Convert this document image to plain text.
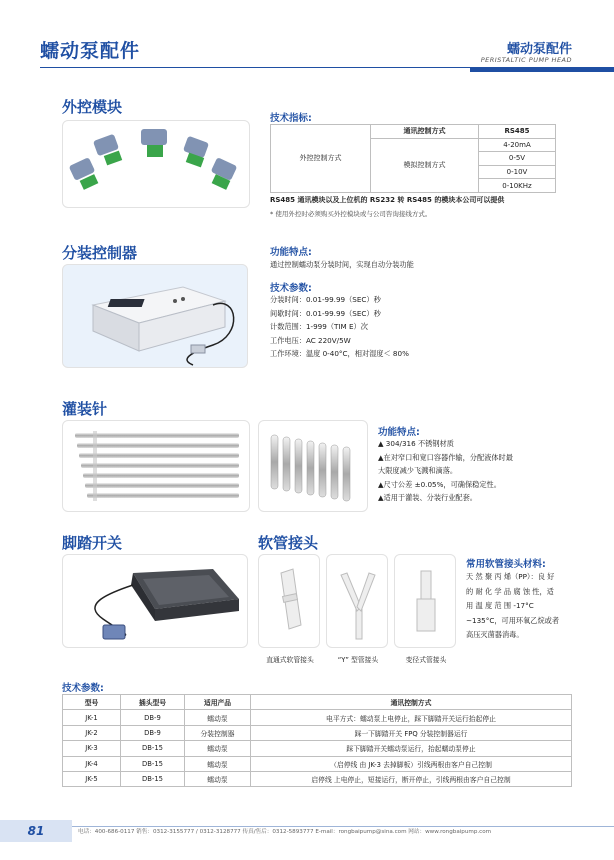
蠕动泵配件	蠕动泵配件
PERISTALTIC PUMP HEAD
外控模块
技术指标:
外控控制方式	通讯控制方式	RS485
	模拟控制方式	4-20mA
		0-5V
		0-10V
		0-10KHz
RS485 通讯模块以及上位机的 RS232 转 RS485 的模块本公司可以提供
* 使用外控时必须购买外控模块或与公司咨询接线方式。
分装控制器	功能特点:
通过控制蠕动泵分装时间，实现自动分装功能
技术参数:
分装时间：0.01-99.99（SEC）秒
间歇时间：0.01-99.99（SEC）秒
计数范围：1-999（TIM E）次
工作电压：AC 220V/5W
工作环境：温度 0-40°C，相对湿度＜ 80%
灌装针
功能特点:
▲ 304/316 不锈钢材质
▲在对窄口和宽口容器作输，分配液体时最
大限度减少飞溅和滴落。
▲尺寸公差 ±0.05%，可确保稳定性。
▲适用于灌装、分装行业配套。
脚踏开关	软管接头
直通式软管接头	“Y” 型管接头	变径式管接头
常用软管接头材料:
天 然 聚 丙 烯（PP）：良 好
的 耐 化 学 品 腐 蚀 性，适
用 温 度 范 围 -17°C
~135°C，可用环氧乙烷或者
高压灭菌器消毒。
技术参数:
型号	插头型号	适用产品	通讯控制方式
JK-1	DB-9	蠕动泵	电平方式：蠕动泵上电停止，踩下脚踏开关运行抬起停止
JK-2	DB-9	分装控制器	踩一下脚踏开关 FPQ 分装控制器运行
JK-3	DB-15	蠕动泵	踩下脚踏开关蠕动泵运行，抬起蠕动泵停止
JK-4	DB-15	蠕动泵	（启停线 由 JK-3 去掉脚板）引线两根由客户自己控制
JK-5	DB-15	蠕动泵	启停线 上电停止，短接运行，断开停止，引线两根由客户自己控制
81	电话：400-686-0117 销售：0312-3155777 / 0312-3128777 传真/售后：0312-5893777 E-mail：rongbaipump@sina.com 网站：www.rongbaipump.com
